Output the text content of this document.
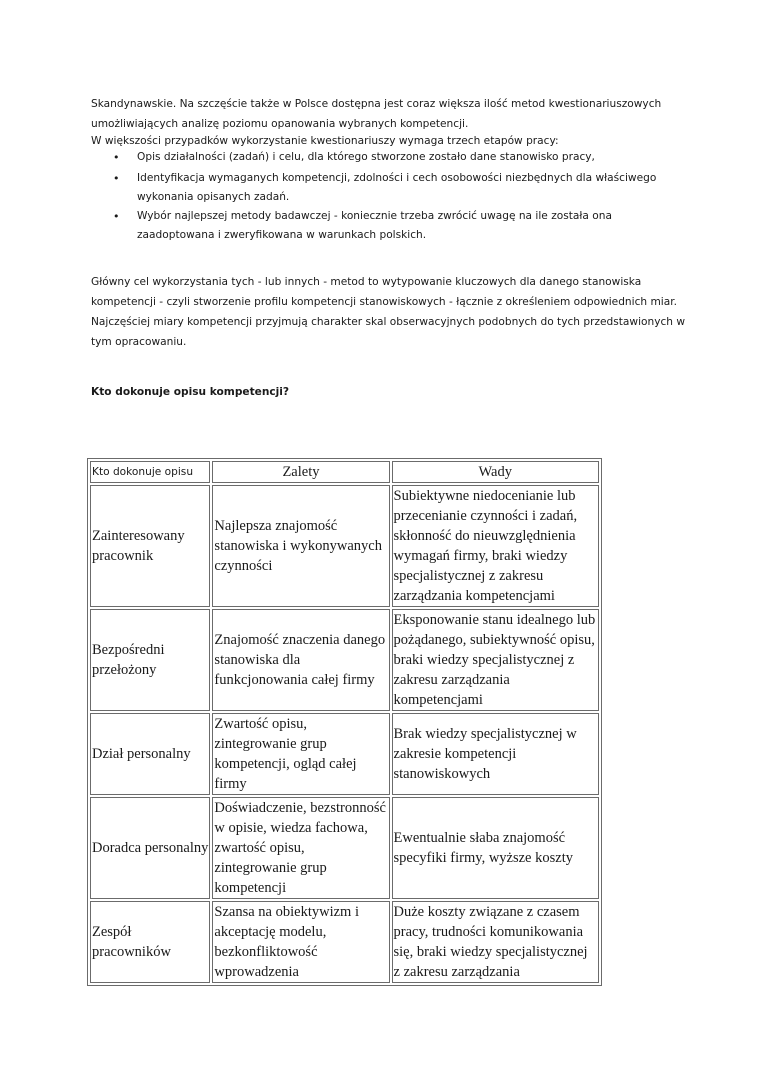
Skandynawskie. Na szczęście także w Polsce dostępna jest coraz większa ilość metod kwestionariuszowych umożliwiających analizę poziomu opanowania wybranych kompetencji.

W większości przypadków wykorzystanie kwestionariuszy wymaga trzech etapów pracy:

• Opis działalności (zadań) i celu, dla którego stworzone zostało dane stanowisko pracy,
• Identyfikacja wymaganych kompetencji, zdolności i cech osobowości niezbędnych dla właściwego wykonania opisanych zadań.
• Wybór najlepszej metody badawczej - koniecznie trzeba zwrócić uwagę na ile została ona zaadoptowana i zweryfikowana w warunkach polskich.

Główny cel wykorzystania tych - lub innych - metod to wytypowanie kluczowych dla danego stanowiska kompetencji - czyli stworzenie profilu kompetencji stanowiskowych - łącznie z określeniem odpowiednich miar. Najczęściej miary kompetencji przyjmują charakter skal obserwacyjnych podobnych do tych przedstawionych w tym opracowaniu.

Kto dokonuje opisu kompetencji?

Kto dokonuje opisu	Zalety	Wady
Zainteresowany pracownik	Najlepsza znajomość stanowiska i wykonywanych czynności	Subiektywne niedocenianie lub przecenianie czynności i zadań, skłonność do nieuwzględnienia wymagań firmy, braki wiedzy specjalistycznej z zakresu zarządzania kompetencjami
Bezpośredni przełożony	Znajomość znaczenia danego stanowiska dla funkcjonowania całej firmy	Eksponowanie stanu idealnego lub pożądanego, subiektywność opisu, braki wiedzy specjalistycznej z zakresu zarządzania kompetencjami
Dział personalny	Zwartość opisu, zintegrowanie grup kompetencji, ogląd całej firmy	Brak wiedzy specjalistycznej w zakresie kompetencji stanowiskowych
Doradca personalny	Doświadczenie, bezstronność w opisie, wiedza fachowa, zwartość opisu, zintegrowanie grup kompetencji	Ewentualnie słaba znajomość specyfiki firmy, wyższe koszty
Zespół pracowników	Szansa na obiektywizm i akceptację modelu, bezkonfliktowość wprowadzenia	Duże koszty związane z czasem pracy, trudności komunikowania się, braki wiedzy specjalistycznej z zakresu zarządzania
